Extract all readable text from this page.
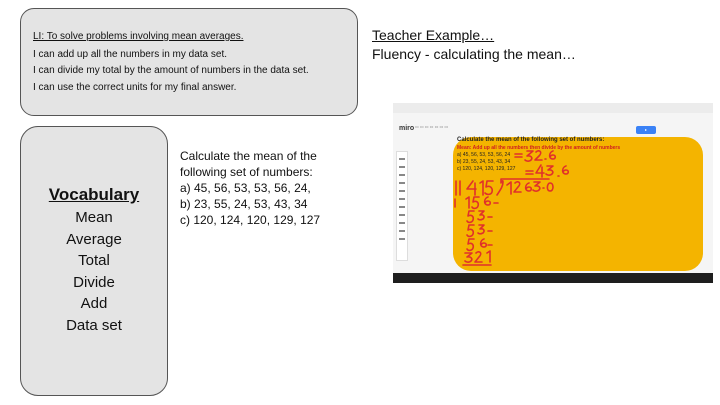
LI: To solve problems involving mean averages.
I can add up all the numbers in my data set.
I can divide my total by the amount of numbers in the data set.
I can use the correct units for my final answer.
Vocabulary
Mean
Average
Total
Divide
Add
Data set
Calculate the mean of the
following set of numbers:
a) 45, 56, 53, 53, 56, 24,
b) 23, 55, 24, 53, 43, 34
c) 120, 124, 120, 129, 127
Teacher Example…
Fluency - calculating the mean…
miro ▭ ▭ ▭ ▭ ▭ ▭ ▭
▸
Calculate the mean of the following set of numbers:
Mean: Add up all the numbers then divide by the amount of numbers
a) 45, 56, 53, 53, 56, 24
b) 23, 55, 24, 53, 43, 34
c) 120, 124, 120, 129, 127
